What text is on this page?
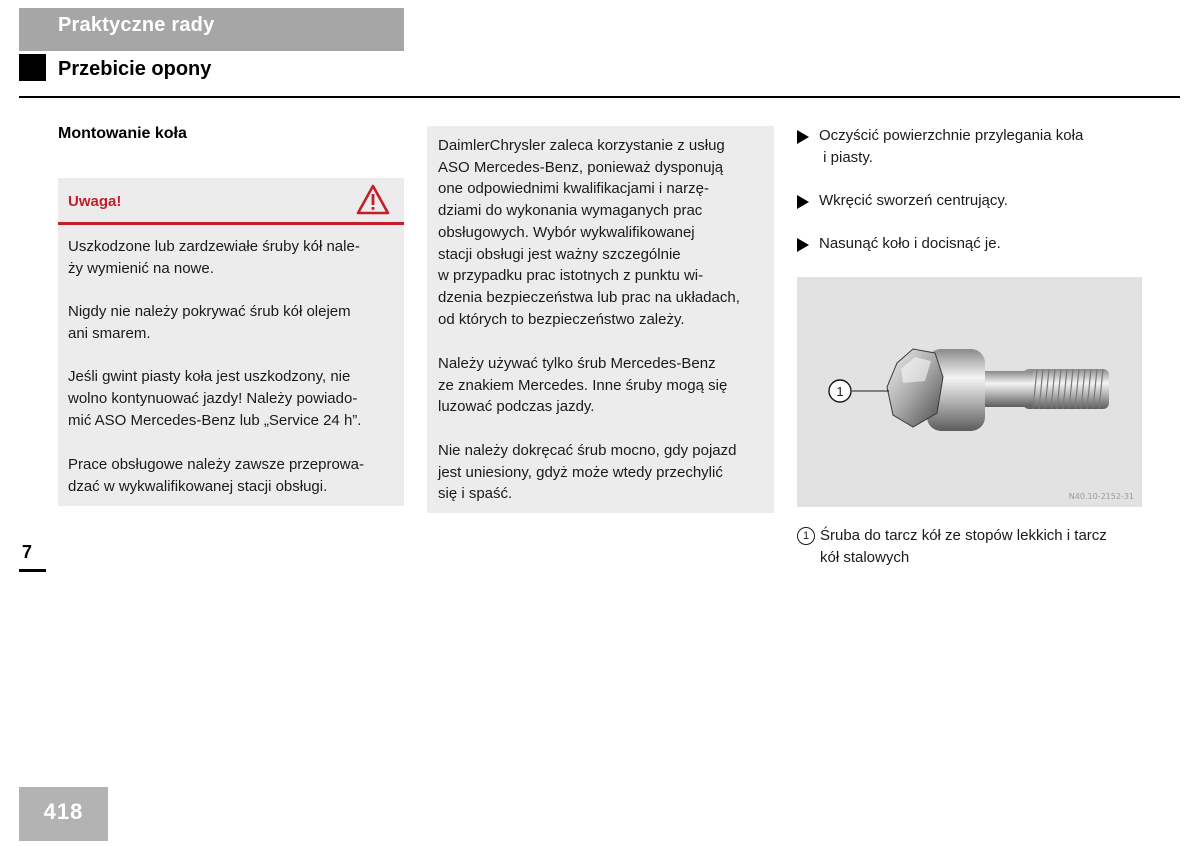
Praktyczne rady
Przebicie opony
Montowanie koła
Uwaga!

Uszkodzone lub zardzewiałe śruby kół nale-
ży wymienić na nowe.

Nigdy nie należy pokrywać śrub kół olejem
ani smarem.

Jeśli gwint piasty koła jest uszkodzony, nie
wolno kontynuować jazdy! Należy powiado-
mić ASO Mercedes-Benz lub „Service 24 h”.

Prace obsługowe należy zawsze przeprowa-
dzać w wykwalifikowanej stacji obsługi.

DaimlerChrysler zaleca korzystanie z usług
ASO Mercedes-Benz, ponieważ dysponują
one odpowiednimi kwalifikacjami i narzę-
dziami do wykonania wymaganych prac
obsługowych. Wybór wykwalifikowanej
stacji obsługi jest ważny szczególnie
w przypadku prac istotnych z punktu wi-
dzenia bezpieczeństwa lub prac na układach,
od których to bezpieczeństwo zależy.

Należy używać tylko śrub Mercedes-Benz
ze znakiem Mercedes. Inne śruby mogą się
luzować podczas jazdy.

Nie należy dokręcać śrub mocno, gdy pojazd
jest uniesiony, gdyż może wtedy przechylić
się i spaść.

Oczyścić powierzchnie przylegania koła
i piasty.
Wkręcić sworzeń centrujący.
Nasunąć koło i docisnąć je.
1
N40.10-2152-31
1 Śruba do tarcz kół ze stopów lekkich i tarcz
kół stalowych
7
418
